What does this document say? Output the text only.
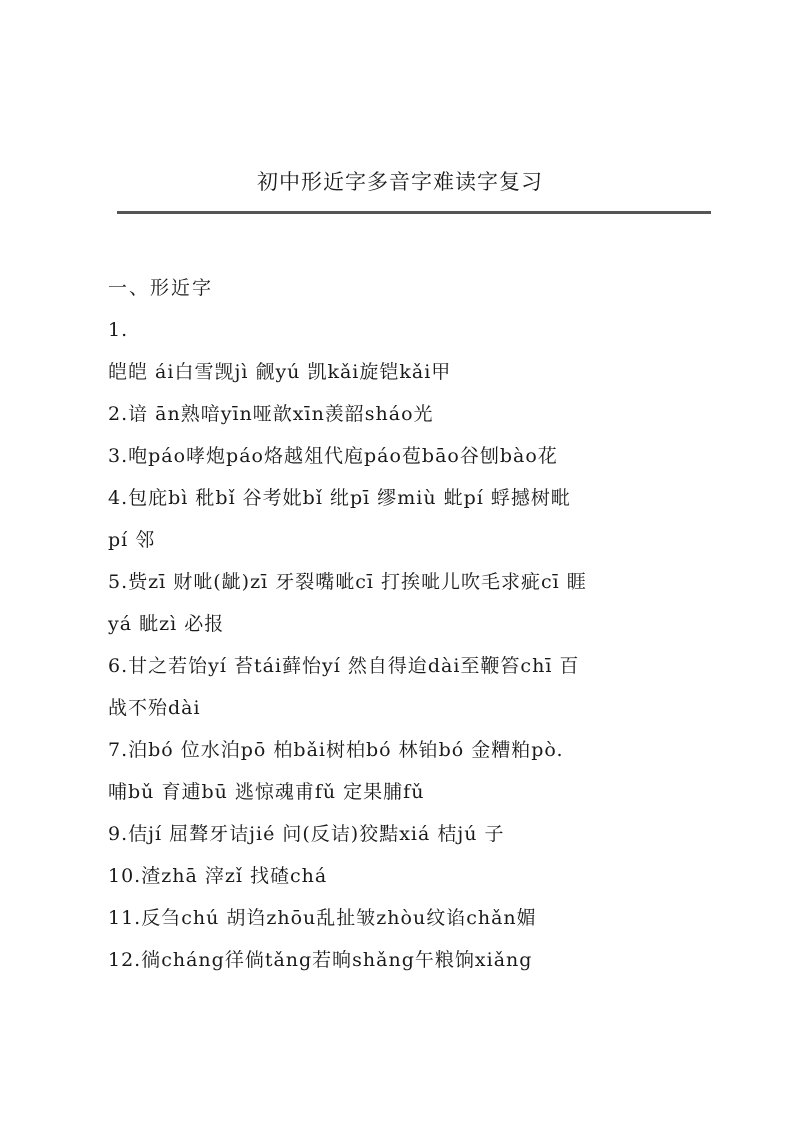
初中形近字多音字难读字复习
一、形近字
1.
皑皑 ái白雪觊jì 觎yú 凯kǎi旋铠kǎi甲
2.谙 ān熟喑yīn哑歆xīn羡韶sháo光
3.咆páo哮炮páo烙越俎代庖páo苞bāo谷刨bào花
4.包庇bì 秕bǐ 谷考妣bǐ 纰pī 缪miù 蚍pí 蜉撼树毗
pí 邻
5.赀zī 财呲(龇)zī 牙裂嘴呲cī 打挨呲儿吹毛求疵cī 睚
yá 眦zì 必报
6.甘之若饴yí 苔tái藓怡yí 然自得迨dài至鞭笞chī 百
战不殆dài
7.泊bó 位水泊pō 柏bǎi树柏bó 林铂bó 金糟粕pò.
哺bǔ 育逋bū 逃惊魂甫fǔ 定果脯fǔ
9.佶jí 屈聱牙诘jié 问(反诘)狡黠xiá 桔jú 子
10.渣zhā 滓zǐ 找碴chá
11.反刍chú 胡诌zhōu乱扯皱zhòu纹谄chǎn媚
12.徜cháng徉倘tǎng若晌shǎng午粮饷xiǎng
